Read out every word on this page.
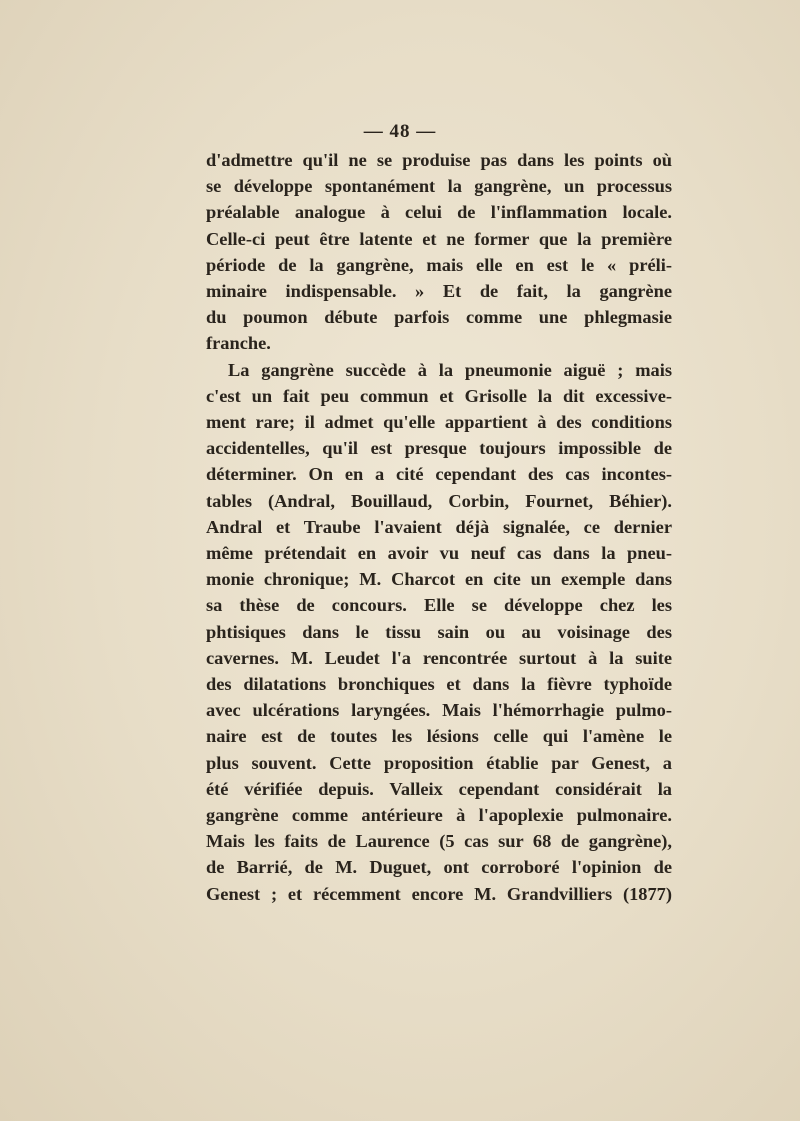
— 48 —

d'admettre qu'il ne se produise pas dans les points où
se développe spontanément la gangrène, un processus
préalable analogue à celui de l'inflammation locale.
Celle-ci peut être latente et ne former que la première
période de la gangrène, mais elle en est le « préli-
minaire indispensable. » Et de fait, la gangrène
du poumon débute parfois comme une phlegmasie
franche.

La gangrène succède à la pneumonie aiguë ; mais
c'est un fait peu commun et Grisolle la dit excessive-
ment rare; il admet qu'elle appartient à des conditions
accidentelles, qu'il est presque toujours impossible de
déterminer. On en a cité cependant des cas incontes-
tables (Andral, Bouillaud, Corbin, Fournet, Béhier).
Andral et Traube l'avaient déjà signalée, ce dernier
même prétendait en avoir vu neuf cas dans la pneu-
monie chronique; M. Charcot en cite un exemple dans
sa thèse de concours. Elle se développe chez les
phtisiques dans le tissu sain ou au voisinage des
cavernes. M. Leudet l'a rencontrée surtout à la suite
des dilatations bronchiques et dans la fièvre typhoïde
avec ulcérations laryngées. Mais l'hémorrhagie pulmo-
naire est de toutes les lésions celle qui l'amène le
plus souvent. Cette proposition établie par Genest, a
été vérifiée depuis. Valleix cependant considérait la
gangrène comme antérieure à l'apoplexie pulmonaire.
Mais les faits de Laurence (5 cas sur 68 de gangrène),
de Barrié, de M. Duguet, ont corroboré l'opinion de
Genest ; et récemment encore M. Grandvilliers (1877)
